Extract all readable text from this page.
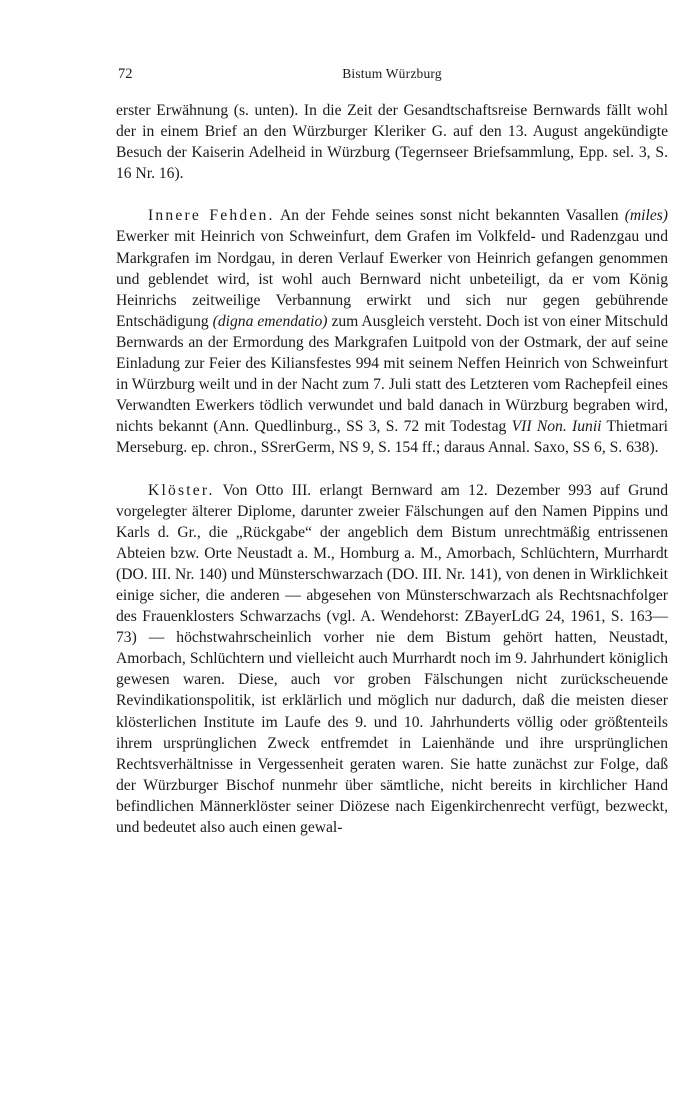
72	Bistum Würzburg

erster Erwähnung (s. unten). In die Zeit der Gesandtschaftsreise Bernwards fällt wohl der in einem Brief an den Würzburger Kleriker G. auf den 13. August angekündigte Besuch der Kaiserin Adelheid in Würzburg (Tegernseer Briefsammlung, Epp. sel. 3, S. 16 Nr. 16).

Innere Fehden. An der Fehde seines sonst nicht bekannten Vasallen (miles) Ewerker mit Heinrich von Schweinfurt, dem Grafen im Volkfeld- und Radenzgau und Markgrafen im Nordgau, in deren Verlauf Ewerker von Heinrich gefangen genommen und geblendet wird, ist wohl auch Bernward nicht unbeteiligt, da er vom König Heinrichs zeitweilige Verbannung erwirkt und sich nur gegen gebührende Entschädigung (digna emendatio) zum Ausgleich versteht. Doch ist von einer Mitschuld Bernwards an der Ermordung des Markgrafen Luitpold von der Ostmark, der auf seine Einladung zur Feier des Kiliansfestes 994 mit seinem Neffen Heinrich von Schweinfurt in Würzburg weilt und in der Nacht zum 7. Juli statt des Letzteren vom Rachepfeil eines Verwandten Ewerkers tödlich verwundet und bald danach in Würzburg begraben wird, nichts bekannt (Ann. Quedlinburg., SS 3, S. 72 mit Todestag VII Non. Iunii Thietmari Merseburg. ep. chron., SSrerGerm, NS 9, S. 154 ff.; daraus Annal. Saxo, SS 6, S. 638).

Klöster. Von Otto III. erlangt Bernward am 12. Dezember 993 auf Grund vorgelegter älterer Diplome, darunter zweier Fälschungen auf den Namen Pippins und Karls d. Gr., die „Rückgabe“ der angeblich dem Bistum unrechtmäßig entrissenen Abteien bzw. Orte Neustadt a. M., Homburg a. M., Amorbach, Schlüchtern, Murrhardt (DO. III. Nr. 140) und Münsterschwarzach (DO. III. Nr. 141), von denen in Wirklichkeit einige sicher, die anderen — abgesehen von Münsterschwarzach als Rechtsnachfolger des Frauenklosters Schwarzachs (vgl. A. Wendehorst: ZBayerLdG 24, 1961, S. 163—73) — höchstwahrscheinlich vorher nie dem Bistum gehört hatten, Neustadt, Amorbach, Schlüchtern und vielleicht auch Murrhardt noch im 9. Jahrhundert königlich gewesen waren. Diese, auch vor groben Fälschungen nicht zurückscheuende Revindikationspolitik, ist erklärlich und möglich nur dadurch, daß die meisten dieser klösterlichen Institute im Laufe des 9. und 10. Jahrhunderts völlig oder größtenteils ihrem ursprünglichen Zweck entfremdet in Laienhände und ihre ursprünglichen Rechtsverhältnisse in Vergessenheit geraten waren. Sie hatte zunächst zur Folge, daß der Würzburger Bischof nunmehr über sämtliche, nicht bereits in kirchlicher Hand befindlichen Männerklöster seiner Diözese nach Eigenkirchenrecht verfügt, bezweckt, und bedeutet also auch einen gewal-
